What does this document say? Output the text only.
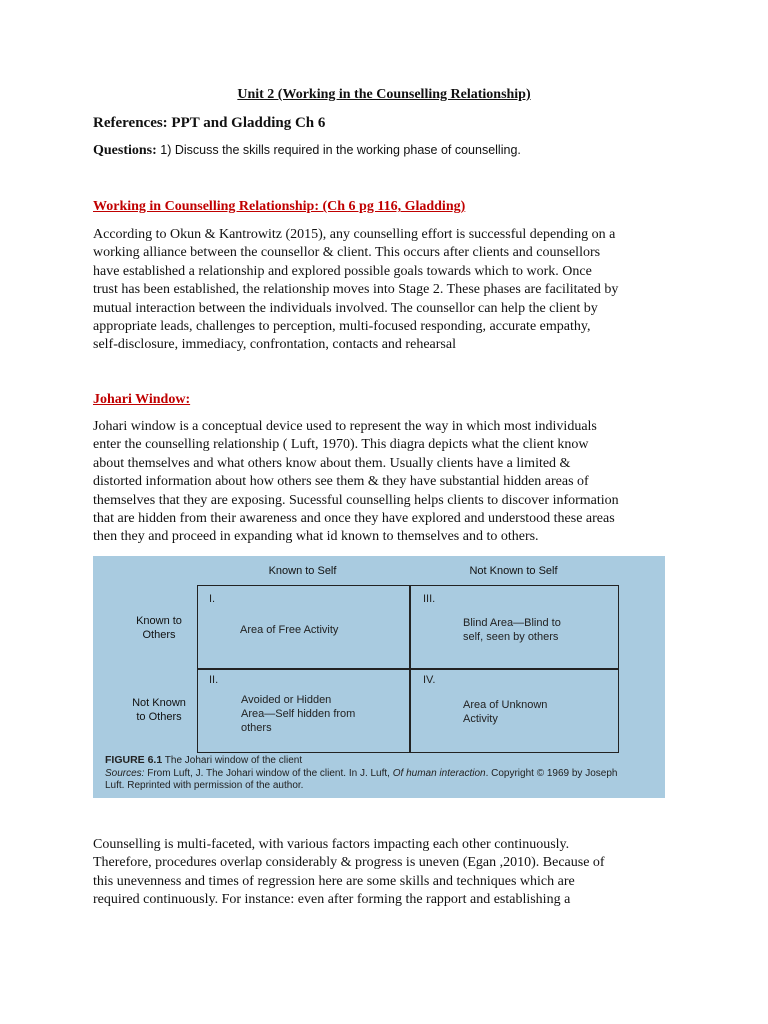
Unit 2 (Working in the Counselling Relationship)
References: PPT and Gladding Ch 6
Questions: 1) Discuss the skills required in the working phase of counselling.
Working in Counselling Relationship: (Ch 6 pg 116, Gladding)
According to Okun & Kantrowitz (2015), any counselling effort is successful depending on a
working alliance between the counsellor & client. This occurs after clients and counsellors
have established a relationship and explored possible goals towards which to work. Once
trust has been established, the relationship moves into Stage 2. These phases are facilitated by
mutual interaction between the individuals involved. The counsellor can help the client by
appropriate leads, challenges to perception, multi-focused responding, accurate empathy,
self-disclosure, immediacy, confrontation, contacts and rehearsal
Johari Window:
Johari window is a conceptual device used to represent the way in which most individuals
enter the counselling relationship ( Luft, 1970). This diagra depicts what the client know
about themselves and what others know about them. Usually clients have a limited &
distorted information about how others see them & they have substantial hidden areas of
themselves that they are exposing. Sucessful counselling helps clients to discover information
that are hidden from their awareness and once they have explored and understood these areas
then they and proceed in expanding what id known to themselves and to others.
Known to Self	Not Known to Self
Known to
Others
Not Known
to Others
I.
Area of Free Activity
III.
Blind Area—Blind to
self, seen by others
II.
Avoided or Hidden
Area—Self hidden from
others
IV.
Area of Unknown
Activity
FIGURE 6.1 The Johari window of the client
Sources: From Luft, J. The Johari window of the client. In J. Luft, Of human interaction. Copyright © 1969 by Joseph
Luft. Reprinted with permission of the author.
Counselling is multi-faceted, with various factors impacting each other continuously.
Therefore, procedures overlap considerably & progress is uneven (Egan ,2010). Because of
this unevenness and times of regression here are some skills and techniques which are
required continuously. For instance: even after forming the rapport and establishing a
